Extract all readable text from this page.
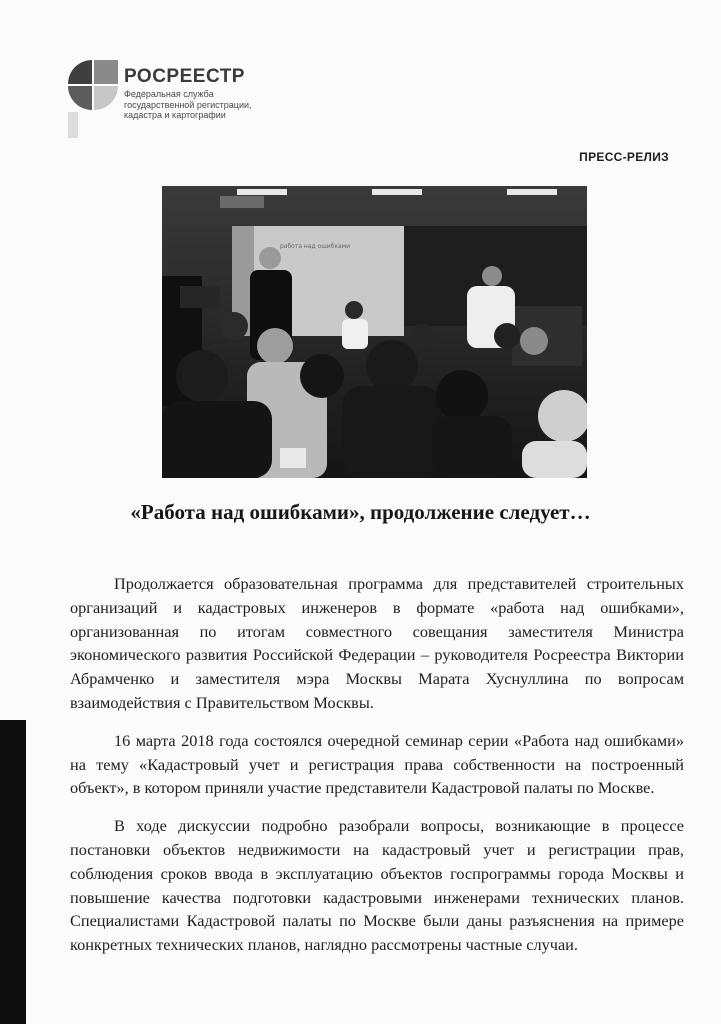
РОСРЕЕСТР
Федеральная служба
государственной регистрации,
кадастра и картографии
ПРЕСС-РЕЛИЗ
работа над ошибками
«Работа над ошибками», продолжение следует…

Продолжается образовательная программа для представителей строительных организаций и кадастровых инженеров в формате «работа над ошибками», организованная по итогам совместного совещания заместителя Министра экономического развития Российской Федерации – руководителя Росреестра Виктории Абрамченко и заместителя мэра Москвы Марата Хуснуллина по вопросам взаимодействия с Правительством Москвы.

16 марта 2018 года состоялся очередной семинар серии «Работа над ошибками» на тему «Кадастровый учет и регистрация права собственности на построенный объект», в котором приняли участие представители Кадастровой палаты по Москве.

В ходе дискуссии подробно разобрали вопросы, возникающие в процессе постановки объектов недвижимости на кадастровый учет и регистрации прав, соблюдения сроков ввода в эксплуатацию объектов госпрограммы города Москвы и повышение качества подготовки кадастровыми инженерами технических планов. Специалистами Кадастровой палаты по Москве были даны разъяснения на примере конкретных технических планов, наглядно рассмотрены частные случаи.
